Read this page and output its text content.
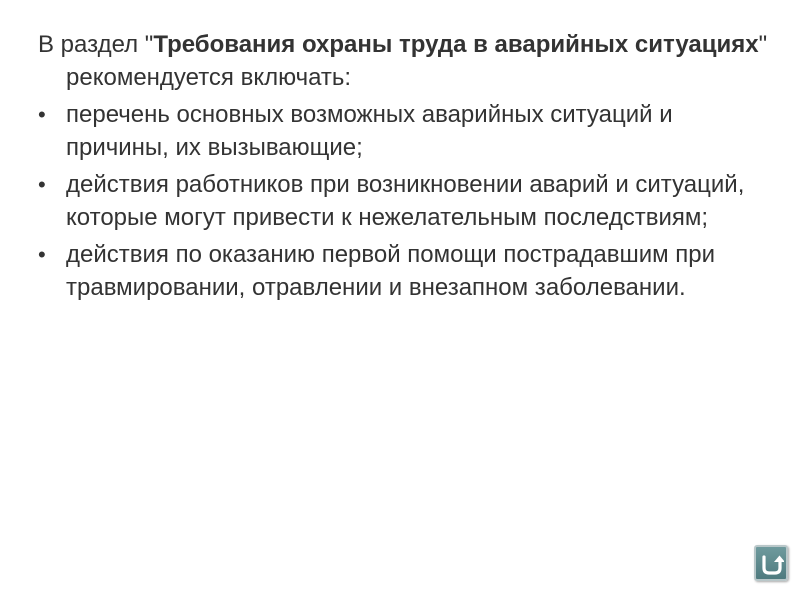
В раздел "Требования охраны труда в аварийных ситуациях" рекомендуется включать:

• перечень основных возможных аварийных ситуаций и причины, их вызывающие;
• действия работников при возникновении аварий и ситуаций, которые могут привести к нежелательным последствиям;
• действия по оказанию первой помощи пострадавшим при травмировании, отравлении и внезапном заболевании.
